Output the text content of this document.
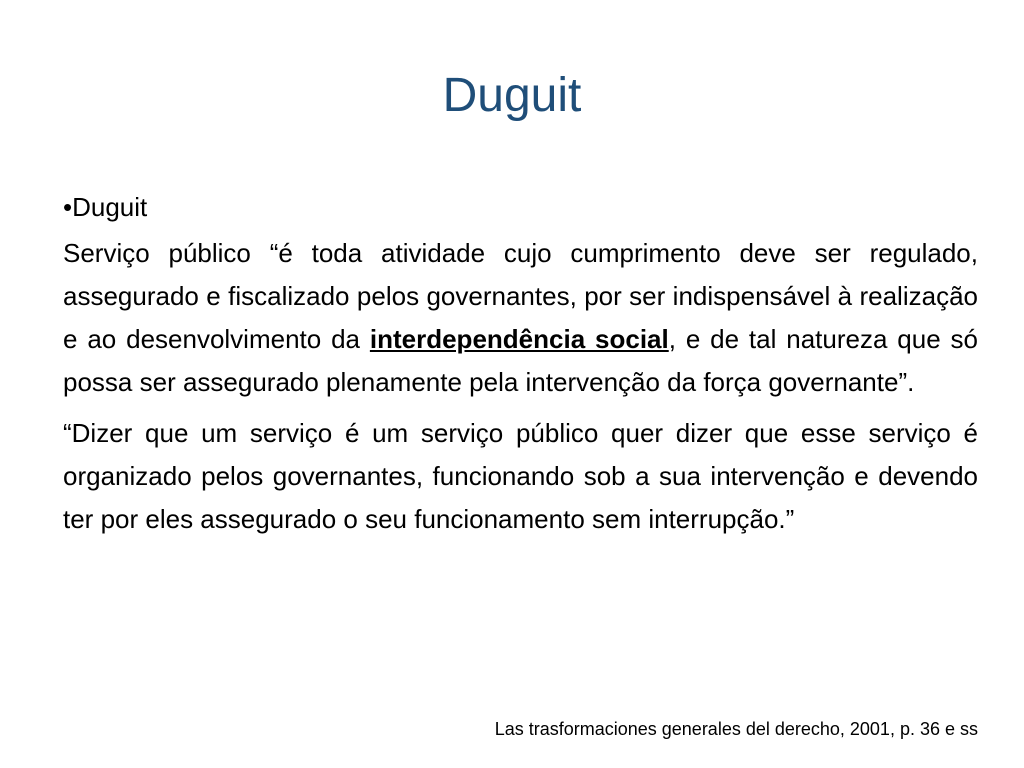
Duguit
•Duguit

Serviço público “é toda atividade cujo cumprimento deve ser regulado, assegurado e fiscalizado pelos governantes, por ser indispensável à realização e ao desenvolvimento da interdependência social, e de tal natureza que só possa ser assegurado plenamente pela intervenção da força governante”.

“Dizer que um serviço é um serviço público quer dizer que esse serviço é organizado pelos governantes, funcionando sob a sua intervenção e devendo ter por eles assegurado o seu funcionamento sem interrupção.”

Las trasformaciones generales del derecho, 2001, p. 36 e ss
